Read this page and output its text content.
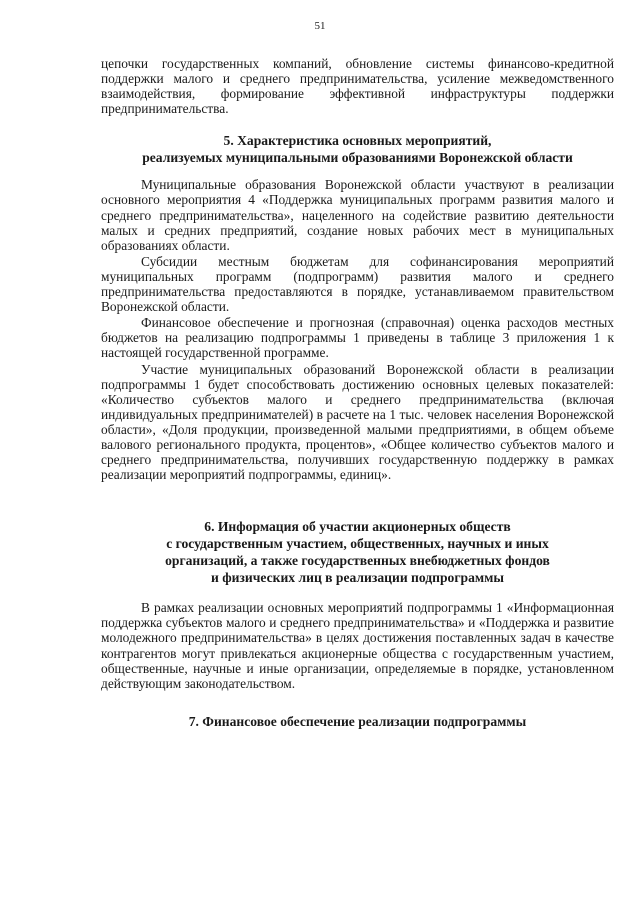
51

цепочки государственных компаний, обновление системы финансово-кредитной поддержки малого и среднего предпринимательства, усиление межведомственного взаимодействия, формирование эффективной инфраструктуры поддержки предпринимательства.

5. Характеристика основных мероприятий,

реализуемых муниципальными образованиями Воронежской области

Муниципальные образования Воронежской области участвуют в реализации основного мероприятия 4 «Поддержка муниципальных программ развития малого и среднего предпринимательства», нацеленного на содействие развитию деятельности малых и средних предприятий, создание новых рабочих мест в муниципальных образованиях области.

Субсидии местным бюджетам для софинансирования мероприятий муниципальных программ (подпрограмм) развития малого и среднего предпринимательства предоставляются в порядке, устанавливаемом правительством Воронежской области.

Финансовое обеспечение и прогнозная (справочная) оценка расходов местных бюджетов на реализацию подпрограммы 1 приведены в таблице 3 приложения 1 к настоящей государственной программе.

Участие муниципальных образований Воронежской области в реализации подпрограммы 1 будет способствовать достижению основных целевых показателей: «Количество субъектов малого и среднего предпринимательства (включая индивидуальных предпринимателей) в расчете на 1 тыс. человек населения Воронежской области», «Доля продукции, произведенной малыми предприятиями, в общем объеме валового регионального продукта, процентов», «Общее количество субъектов малого и среднего предпринимательства, получивших государственную поддержку в рамках реализации мероприятий подпрограммы, единиц».

6. Информация об участии акционерных обществ

с государственным участием, общественных, научных и иных

организаций, а также государственных внебюджетных фондов

и физических лиц в реализации подпрограммы

В рамках реализации основных мероприятий подпрограммы 1 «Информационная поддержка субъектов малого и среднего предпринимательства» и «Поддержка и развитие молодежного предпринимательства» в целях достижения поставленных задач в качестве контрагентов могут привлекаться акционерные общества с государственным участием, общественные, научные и иные организации, определяемые в порядке, установленном действующим законодательством.

7. Финансовое обеспечение реализации подпрограммы
